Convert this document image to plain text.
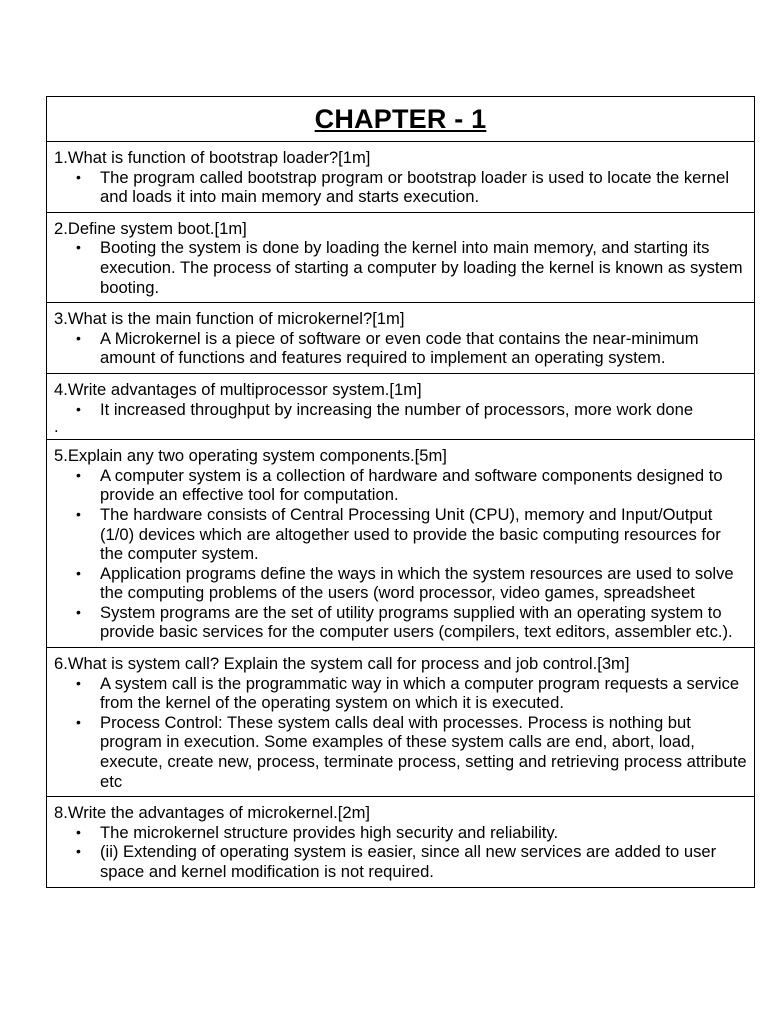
CHAPTER - 1

1.What is function of bootstrap loader?[1m]

• The program called bootstrap program or bootstrap loader is used to locate the kernel and loads it into main memory and starts execution.

2.Define system boot.[1m]

• Booting the system is done by loading the kernel into main memory, and starting its execution. The process of starting a computer by loading the kernel is known as system booting.

3.What is the main function of microkernel?[1m]

• A Microkernel is a piece of software or even code that contains the near-minimum amount of functions and features required to implement an operating system.

4.Write advantages of multiprocessor system.[1m]

• It increased throughput by increasing the number of processors, more work done

.

5.Explain any two operating system components.[5m]

• A computer system is a collection of hardware and software components designed to provide an effective tool for computation.
• The hardware consists of Central Processing Unit (CPU), memory and Input/Output (1/0) devices which are altogether used to provide the basic computing resources for the computer system.
• Application programs define the ways in which the system resources are used to solve the computing problems of the users (word processor, video games, spreadsheet
• System programs are the set of utility programs supplied with an operating system to provide basic services for the computer users (compilers, text editors, assembler etc.).

6.What is system call? Explain the system call for process and job control.[3m]

• A system call is the programmatic way in which a computer program requests a service from the kernel of the operating system on which it is executed.
• Process Control: These system calls deal with processes. Process is nothing but program in execution. Some examples of these system calls are end, abort, load, execute, create new, process, terminate process, setting and retrieving process attribute etc

8.Write the advantages of microkernel.[2m]

• The microkernel structure provides high security and reliability.
• (ii) Extending of operating system is easier, since all new services are added to user space and kernel modification is not required.
